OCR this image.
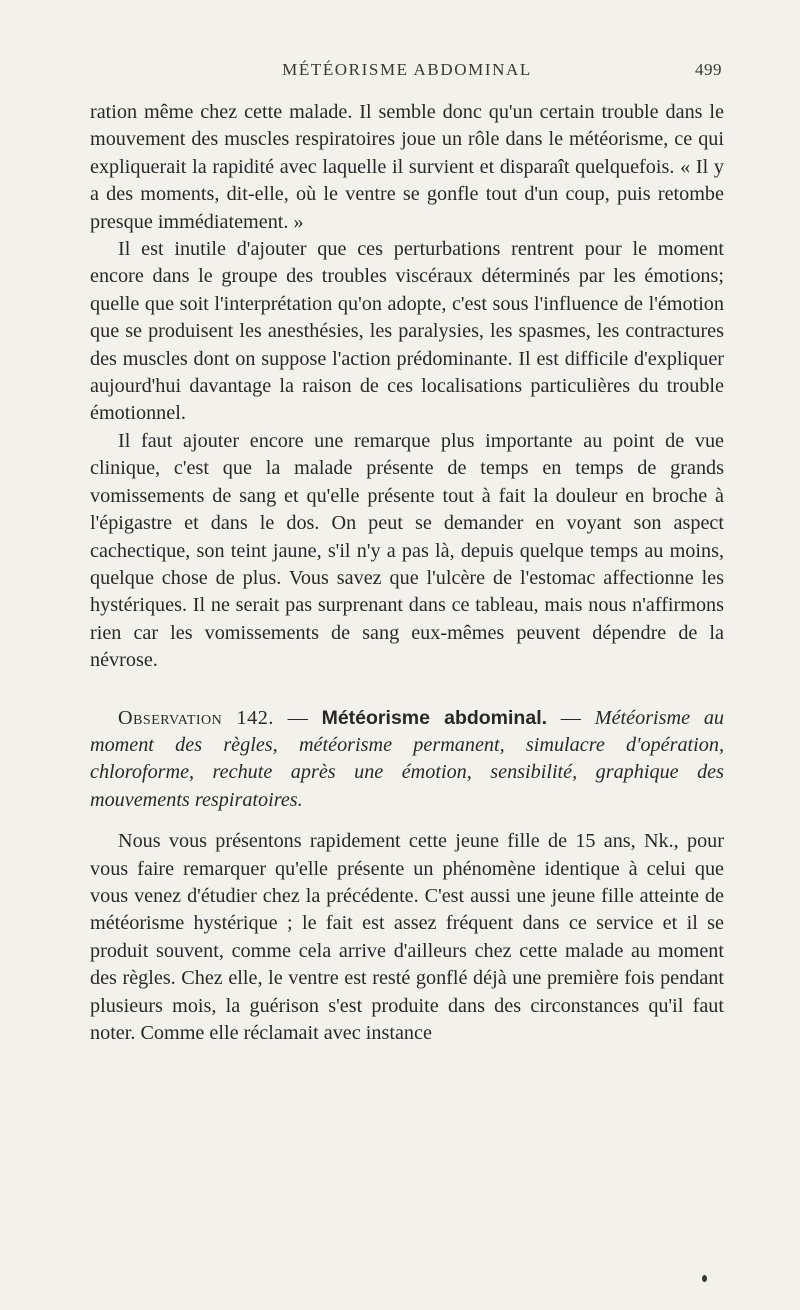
MÉTÉORISME ABDOMINAL	499

ration même chez cette malade. Il semble donc qu'un certain trouble dans le mouvement des muscles respiratoires joue un rôle dans le météorisme, ce qui expliquerait la rapidité avec laquelle il survient et disparaît quelquefois. « Il y a des moments, dit-elle, où le ventre se gonfle tout d'un coup, puis retombe presque immédiatement. »

Il est inutile d'ajouter que ces perturbations rentrent pour le moment encore dans le groupe des troubles viscéraux déterminés par les émotions; quelle que soit l'interprétation qu'on adopte, c'est sous l'influence de l'émotion que se produisent les anesthésies, les paralysies, les spasmes, les contractures des muscles dont on suppose l'action prédominante. Il est difficile d'expliquer aujourd'hui davantage la raison de ces localisations particulières du trouble émotionnel.

Il faut ajouter encore une remarque plus importante au point de vue clinique, c'est que la malade présente de temps en temps de grands vomissements de sang et qu'elle présente tout à fait la douleur en broche à l'épigastre et dans le dos. On peut se demander en voyant son aspect cachectique, son teint jaune, s'il n'y a pas là, depuis quelque temps au moins, quelque chose de plus. Vous savez que l'ulcère de l'estomac affectionne les hystériques. Il ne serait pas surprenant dans ce tableau, mais nous n'affirmons rien car les vomissements de sang eux-mêmes peuvent dépendre de la névrose.

Observation 142. — Météorisme abdominal. — Météorisme au moment des règles, météorisme permanent, simulacre d'opération, chloroforme, rechute après une émotion, sensibilité, graphique des mouvements respiratoires.

Nous vous présentons rapidement cette jeune fille de 15 ans, Nk., pour vous faire remarquer qu'elle présente un phénomène identique à celui que vous venez d'étudier chez la précédente. C'est aussi une jeune fille atteinte de météorisme hystérique ; le fait est assez fréquent dans ce service et il se produit souvent, comme cela arrive d'ailleurs chez cette malade au moment des règles. Chez elle, le ventre est resté gonflé déjà une première fois pendant plusieurs mois, la guérison s'est produite dans des circonstances qu'il faut noter. Comme elle réclamait avec instance
